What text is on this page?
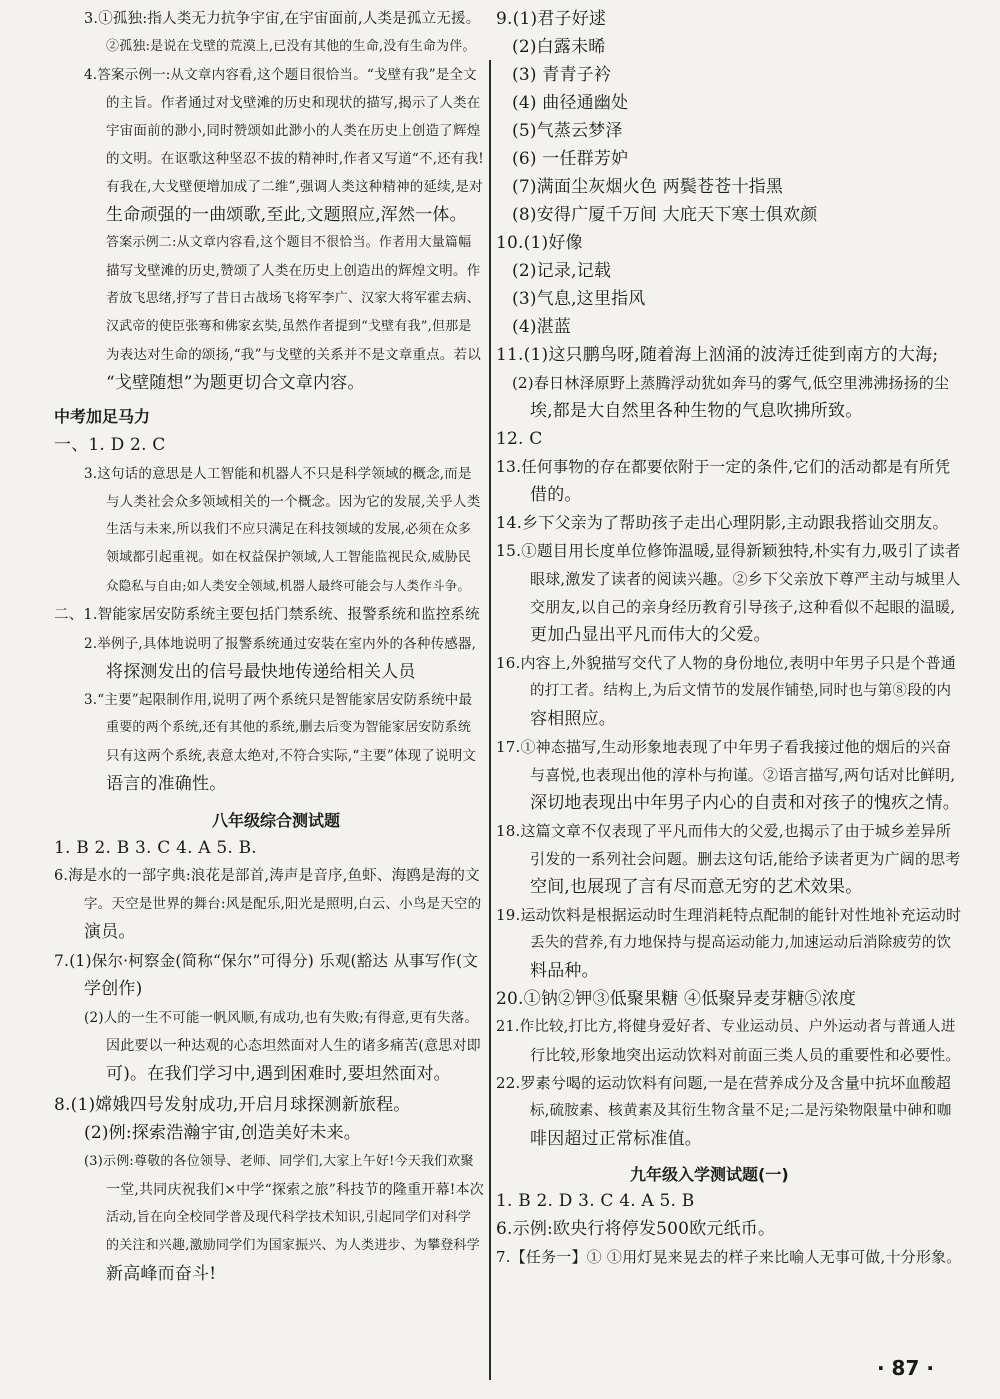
3.①孤独:指人类无力抗争宇宙,在宇宙面前,人类是孤立无援。
②孤独:是说在戈壁的荒漠上,已没有其他的生命,没有生命为伴。
4.答案示例一:从文章内容看,这个题目很恰当。“戈壁有我”是全文
的主旨。作者通过对戈壁滩的历史和现状的描写,揭示了人类在
宇宙面前的渺小,同时赞颂如此渺小的人类在历史上创造了辉煌
的文明。在讴歌这种坚忍不拔的精神时,作者又写道“不,还有我!
有我在,大戈壁便增加成了二维”,强调人类这种精神的延续,是对
生命顽强的一曲颂歌,至此,文题照应,浑然一体。
答案示例二:从文章内容看,这个题目不很恰当。作者用大量篇幅
描写戈壁滩的历史,赞颂了人类在历史上创造出的辉煌文明。作
者放飞思绪,抒写了昔日古战场飞将军李广、汉家大将军霍去病、
汉武帝的使臣张骞和佛家玄奘,虽然作者提到“戈壁有我”,但那是
为表达对生命的颂扬,“我”与戈壁的关系并不是文章重点。若以
“戈壁随想”为题更切合文章内容。
中考加足马力
一、1. D 2. C
3.这句话的意思是人工智能和机器人不只是科学领域的概念,而是
与人类社会众多领域相关的一个概念。因为它的发展,关乎人类
生活与未来,所以我们不应只满足在科技领域的发展,必须在众多
领域都引起重视。如在权益保护领域,人工智能监视民众,威胁民
众隐私与自由;如人类安全领域,机器人最终可能会与人类作斗争。
二、1.智能家居安防系统主要包括门禁系统、报警系统和监控系统
2.举例子,具体地说明了报警系统通过安装在室内外的各种传感器,
将探测发出的信号最快地传递给相关人员
3.“主要”起限制作用,说明了两个系统只是智能家居安防系统中最
重要的两个系统,还有其他的系统,删去后变为智能家居安防系统
只有这两个系统,表意太绝对,不符合实际,“主要”体现了说明文
语言的准确性。
八年级综合测试题
1. B 2. B 3. C 4. A 5. B.
6.海是水的一部字典:浪花是部首,涛声是音序,鱼虾、海鸥是海的文
字。天空是世界的舞台:风是配乐,阳光是照明,白云、小鸟是天空的
演员。
7.(1)保尔·柯察金(简称“保尔”可得分) 乐观(豁达 从事写作(文
学创作)
(2)人的一生不可能一帆风顺,有成功,也有失败;有得意,更有失落。
因此要以一种达观的心态坦然面对人生的诸多痛苦(意思对即
可)。在我们学习中,遇到困难时,要坦然面对。
8.(1)嫦娥四号发射成功,开启月球探测新旅程。
(2)例:探索浩瀚宇宙,创造美好未来。
(3)示例:尊敬的各位领导、老师、同学们,大家上午好!今天我们欢聚
一堂,共同庆祝我们×中学“探索之旅”科技节的隆重开幕!本次
活动,旨在向全校同学普及现代科学技术知识,引起同学们对科学
的关注和兴趣,激励同学们为国家振兴、为人类进步、为攀登科学
新高峰而奋斗!
9.(1)君子好逑
(2)白露未晞
(3) 青青子衿
(4) 曲径通幽处
(5)气蒸云梦泽
(6) 一任群芳妒
(7)满面尘灰烟火色 两鬓苍苍十指黑
(8)安得广厦千万间 大庇天下寒士俱欢颜
10.(1)好像
(2)记录,记载
(3)气息,这里指风
(4)湛蓝
11.(1)这只鹏鸟呀,随着海上汹涌的波涛迁徙到南方的大海;
(2)春日林泽原野上蒸腾浮动犹如奔马的雾气,低空里沸沸扬扬的尘
埃,都是大自然里各种生物的气息吹拂所致。
12. C
13.任何事物的存在都要依附于一定的条件,它们的活动都是有所凭
借的。
14.乡下父亲为了帮助孩子走出心理阴影,主动跟我搭讪交朋友。
15.①题目用长度单位修饰温暖,显得新颖独特,朴实有力,吸引了读者
眼球,激发了读者的阅读兴趣。②乡下父亲放下尊严主动与城里人
交朋友,以自己的亲身经历教育引导孩子,这种看似不起眼的温暖,
更加凸显出平凡而伟大的父爱。
16.内容上,外貌描写交代了人物的身份地位,表明中年男子只是个普通
的打工者。结构上,为后文情节的发展作铺垫,同时也与第⑧段的内
容相照应。
17.①神态描写,生动形象地表现了中年男子看我接过他的烟后的兴奋
与喜悦,也表现出他的淳朴与拘谨。②语言描写,两句话对比鲜明,
深切地表现出中年男子内心的自责和对孩子的愧疚之情。
18.这篇文章不仅表现了平凡而伟大的父爱,也揭示了由于城乡差异所
引发的一系列社会问题。删去这句话,能给予读者更为广阔的思考
空间,也展现了言有尽而意无穷的艺术效果。
19.运动饮料是根据运动时生理消耗特点配制的能针对性地补充运动时
丢失的营养,有力地保持与提高运动能力,加速运动后消除疲劳的饮
料品种。
20.①钠②钾③低聚果糖 ④低聚异麦芽糖⑤浓度
21.作比较,打比方,将健身爱好者、专业运动员、户外运动者与普通人进
行比较,形象地突出运动饮料对前面三类人员的重要性和必要性。
22.罗素兮喝的运动饮料有问题,一是在营养成分及含量中抗坏血酸超
标,硫胺素、核黄素及其衍生物含量不足;二是污染物限量中砷和咖
啡因超过正常标准值。
九年级入学测试题(一)
1. B 2. D 3. C 4. A 5. B
6.示例:欧央行将停发500欧元纸币。
7.【任务一】① ①用灯晃来晃去的样子来比喻人无事可做,十分形象。
· 87 ·
